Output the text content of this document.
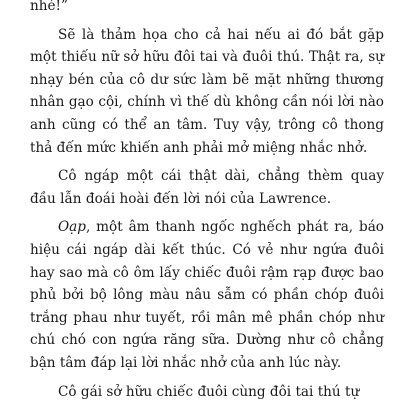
nhé!”

Sẽ là thảm họa cho cả hai nếu ai đó bắt gặp một thiếu nữ sở hữu đôi tai và đuôi thú. Thật ra, sự nhạy bén của cô dư sức làm bẽ mặt những thương nhân gạo cội, chính vì thế dù không cần nói lời nào anh cũng có thể an tâm. Tuy vậy, trông cô thong thả đến mức khiến anh phải mở miệng nhắc nhở.

Cô ngáp một cái thật dài, chẳng thèm quay đầu lẫn đoái hoài đến lời nói của Lawrence.

Oạp, một âm thanh ngốc nghếch phát ra, báo hiệu cái ngáp dài kết thúc. Có vẻ như ngứa đuôi hay sao mà cô ôm lấy chiếc đuôi rậm rạp được bao phủ bởi bộ lông màu nâu sẫm có phần chóp đuôi trắng phau như tuyết, rồi mân mê phần chóp như chú chó con ngứa răng sữa. Dường như cô chẳng bận tâm đáp lại lời nhắc nhở của anh lúc này.

Cô gái sở hữu chiếc đuôi cùng đôi tai thú tự
